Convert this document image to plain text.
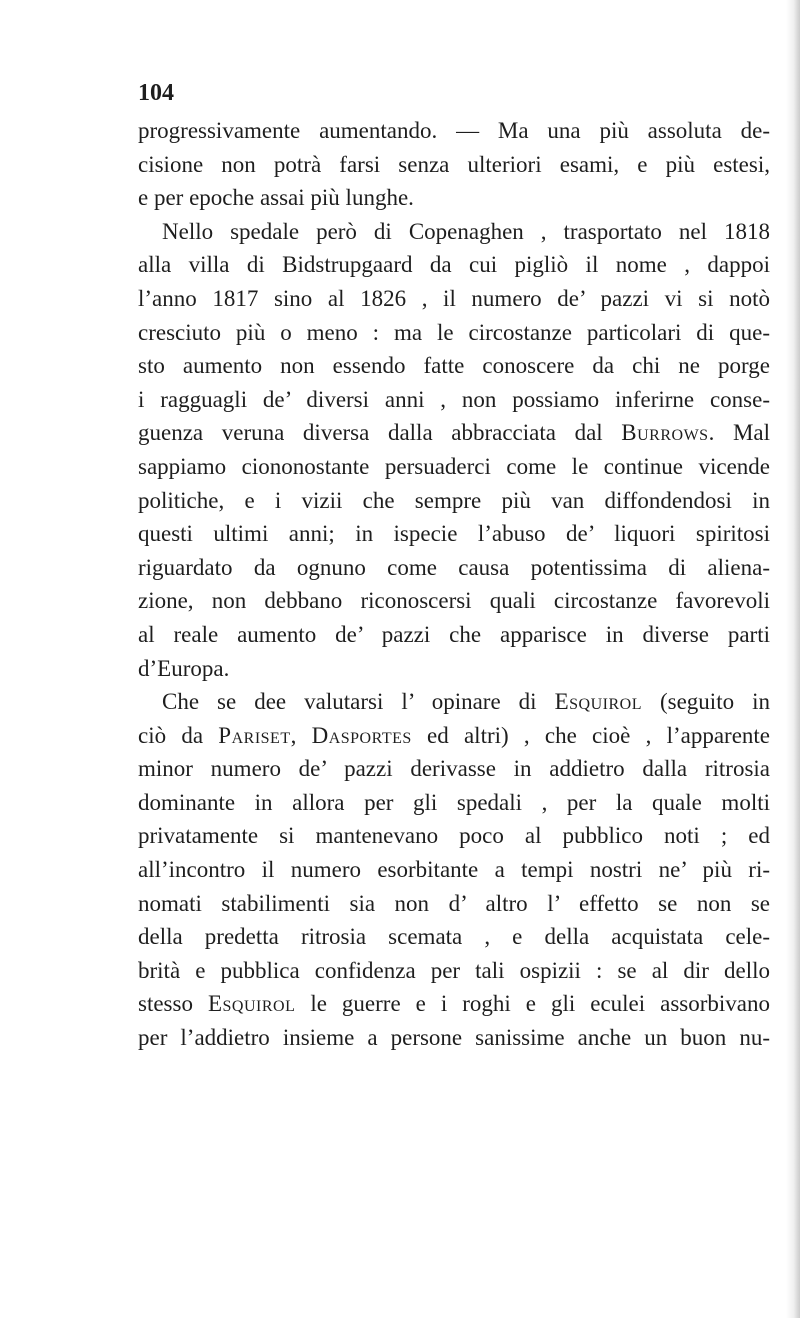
104
progressivamente aumentando. — Ma una più assoluta de-
cisione non potrà farsi senza ulteriori esami, e più estesi,
e per epoche assai più lunghe.
Nello spedale però di Copenaghen , trasportato nel 1818
alla villa di Bidstrupgaard da cui pigliò il nome , dappoi
l’anno 1817 sino al 1826 , il numero de’ pazzi vi si notò
cresciuto più o meno : ma le circostanze particolari di que-
sto aumento non essendo fatte conoscere da chi ne porge
i ragguagli de’ diversi anni , non possiamo inferirne conse-
guenza veruna diversa dalla abbracciata dal Burrows. Mal
sappiamo ciononostante persuaderci come le continue vicende
politiche, e i vizii che sempre più van diffondendosi in
questi ultimi anni; in ispecie l’abuso de’ liquori spiritosi
riguardato da ognuno come causa potentissima di aliena-
zione, non debbano riconoscersi quali circostanze favorevoli
al reale aumento de’ pazzi che apparisce in diverse parti
d’Europa.
Che se dee valutarsi l’ opinare di Esquirol (seguito in
ciò da Pariset, Dasportes ed altri) , che cioè , l’apparente
minor numero de’ pazzi derivasse in addietro dalla ritrosia
dominante in allora per gli spedali , per la quale molti
privatamente si mantenevano poco al pubblico noti ; ed
all’incontro il numero esorbitante a tempi nostri ne’ più ri-
nomati stabilimenti sia non d’ altro l’ effetto se non se
della predetta ritrosia scemata , e della acquistata cele-
brità e pubblica confidenza per tali ospizii : se al dir dello
stesso Esquirol le guerre e i roghi e gli eculei assorbivano
per l’addietro insieme a persone sanissime anche un buon nu-
